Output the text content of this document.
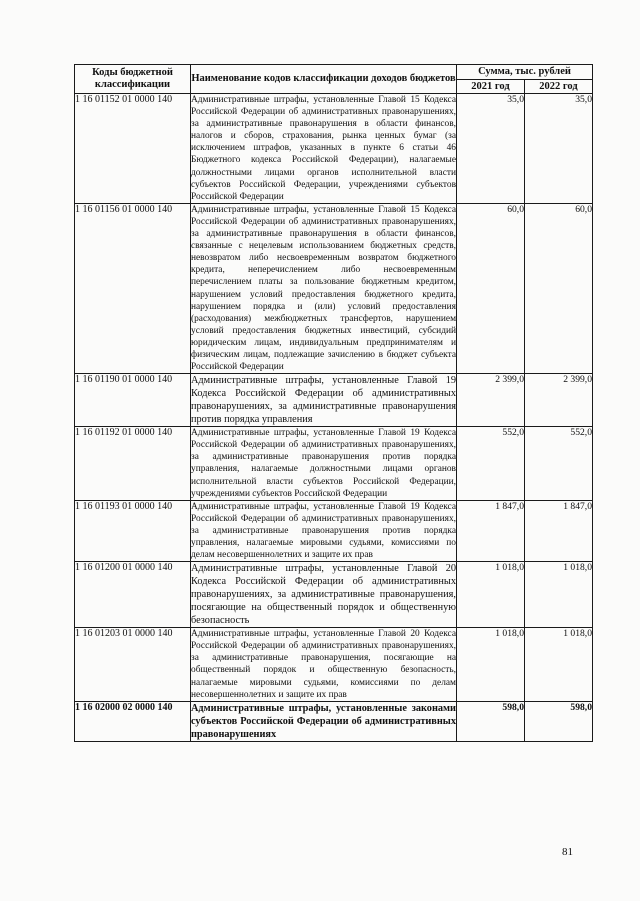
Коды бюджетной классификации	Наименование кодов классификации доходов бюджетов	Сумма, тыс. рублей	
		2021 год	2022 год
1 16 01152 01 0000 140	Административные штрафы, установленные Главой 15 Кодекса Российской Федерации об административных правонарушениях, за административные правонарушения в области финансов, налогов и сборов, страхования, рынка ценных бумаг (за исключением штрафов, указанных в пункте 6 статьи 46 Бюджетного кодекса Российской Федерации), налагаемые должностными лицами органов исполнительной власти субъектов Российской Федерации, учреждениями субъектов Российской Федерации	35,0	35,0
1 16 01156 01 0000 140	Административные штрафы, установленные Главой 15 Кодекса Российской Федерации об административных правонарушениях, за административные правонарушения в области финансов, связанные с нецелевым использованием бюджетных средств, невозвратом либо несвоевременным возвратом бюджетного кредита, неперечислением либо несвоевременным перечислением платы за пользование бюджетным кредитом, нарушением условий предоставления бюджетного кредита, нарушением порядка и (или) условий предоставления (расходования) межбюджетных трансфертов, нарушением условий предоставления бюджетных инвестиций, субсидий юридическим лицам, индивидуальным предпринимателям и физическим лицам, подлежащие зачислению в бюджет субъекта Российской Федерации	60,0	60,0
1 16 01190 01 0000 140	Административные штрафы, установленные Главой 19 Кодекса Российской Федерации об административных правонарушениях, за административные правонарушения против порядка управления	2 399,0	2 399,0
1 16 01192 01 0000 140	Административные штрафы, установленные Главой 19 Кодекса Российской Федерации об административных правонарушениях, за административные правонарушения против порядка управления, налагаемые должностными лицами органов исполнительной власти субъектов Российской Федерации, учреждениями субъектов Российской Федерации	552,0	552,0
1 16 01193 01 0000 140	Административные штрафы, установленные Главой 19 Кодекса Российской Федерации об административных правонарушениях, за административные правонарушения против порядка управления, налагаемые мировыми судьями, комиссиями по делам несовершеннолетних и защите их прав	1 847,0	1 847,0
1 16 01200 01 0000 140	Административные штрафы, установленные Главой 20 Кодекса Российской Федерации об административных правонарушениях, за административные правонарушения, посягающие на общественный порядок и общественную безопасность	1 018,0	1 018,0
1 16 01203 01 0000 140	Административные штрафы, установленные Главой 20 Кодекса Российской Федерации об административных правонарушениях, за административные правонарушения, посягающие на общественный порядок и общественную безопасность, налагаемые мировыми судьями, комиссиями по делам несовершеннолетних и защите их прав	1 018,0	1 018,0
1 16 02000 02 0000 140	Административные штрафы, установленные законами субъектов Российской Федерации об административных правонарушениях	598,0	598,0
81
